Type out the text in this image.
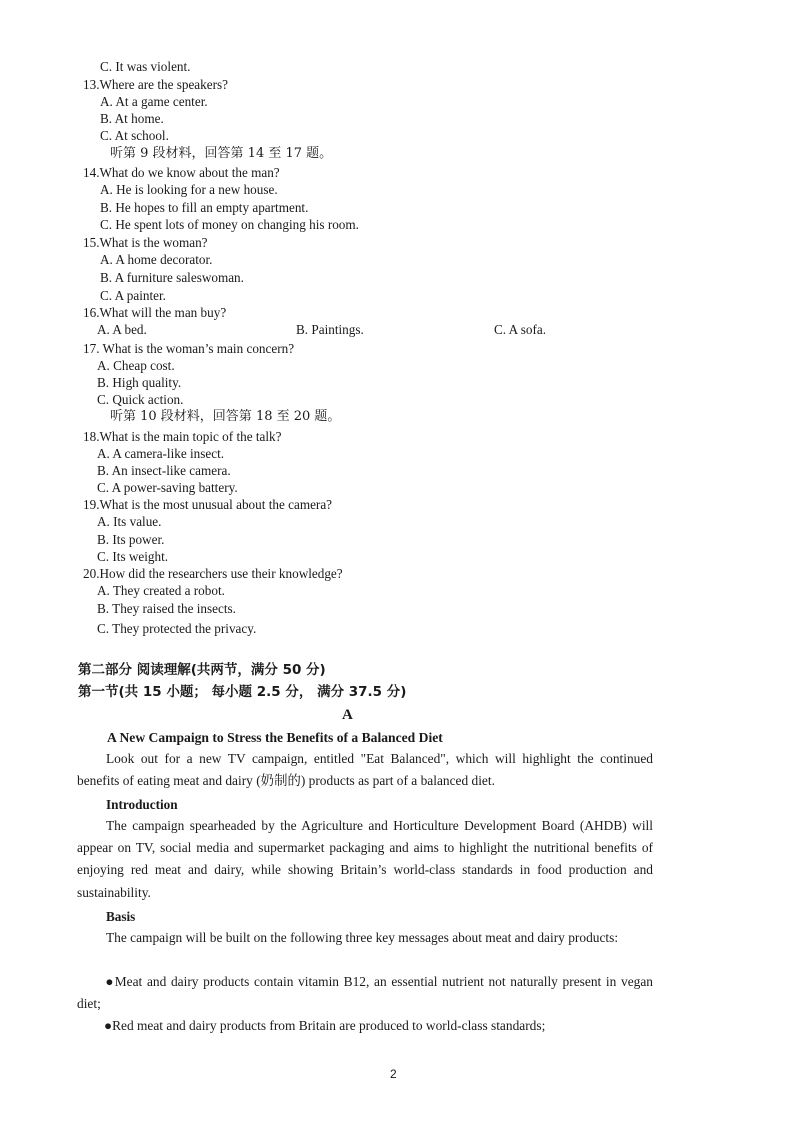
C. It was violent.
13.Where are the speakers?
A. At a game center.
B. At home.
C. At school.
听第 9 段材料，回答第 14 至 17 题。
14.What do we know about the man?
A. He is looking for a new house.
B. He hopes to fill an empty apartment.
C. He spent lots of money on changing his room.
15.What is the woman?
A. A home decorator.
B. A furniture saleswoman.
C. A painter.
16.What will the man buy?
A. A bed.	B. Paintings.	C. A sofa.
17. What is the woman’s main concern?
A. Cheap cost.
B. High quality.
C. Quick action.
听第 10 段材料，回答第 18 至 20 题。
18.What is the main topic of the talk?
A. A camera-like insect.
B. An insect-like camera.
C. A power-saving battery.
19.What is the most unusual about the camera?
A. Its value.
B. Its power.
C. Its weight.
20.How did the researchers use their knowledge?
A. They created a robot.
B. They raised the insects.
C. They protected the privacy.
第二部分 阅读理解(共两节，满分 50 分)
第一节(共 15 小题； 每小题 2.5 分， 满分 37.5 分)
A
A New Campaign to Stress the Benefits of a Balanced Diet
Look out for a new TV campaign, entitled "Eat Balanced", which will highlight the continued benefits of eating meat and dairy (奶制的) products as part of a balanced diet.
Introduction
The campaign spearheaded by the Agriculture and Horticulture Development Board (AHDB) will appear on TV, social media and supermarket packaging and aims to highlight the nutritional benefits of enjoying red meat and dairy, while showing Britain’s world-class standards in food production and sustainability.
Basis
The campaign will be built on the following three key messages about meat and dairy products:
●Meat and dairy products contain vitamin B12, an essential nutrient not naturally present in vegan diet;
●Red meat and dairy products from Britain are produced to world-class standards;
2
